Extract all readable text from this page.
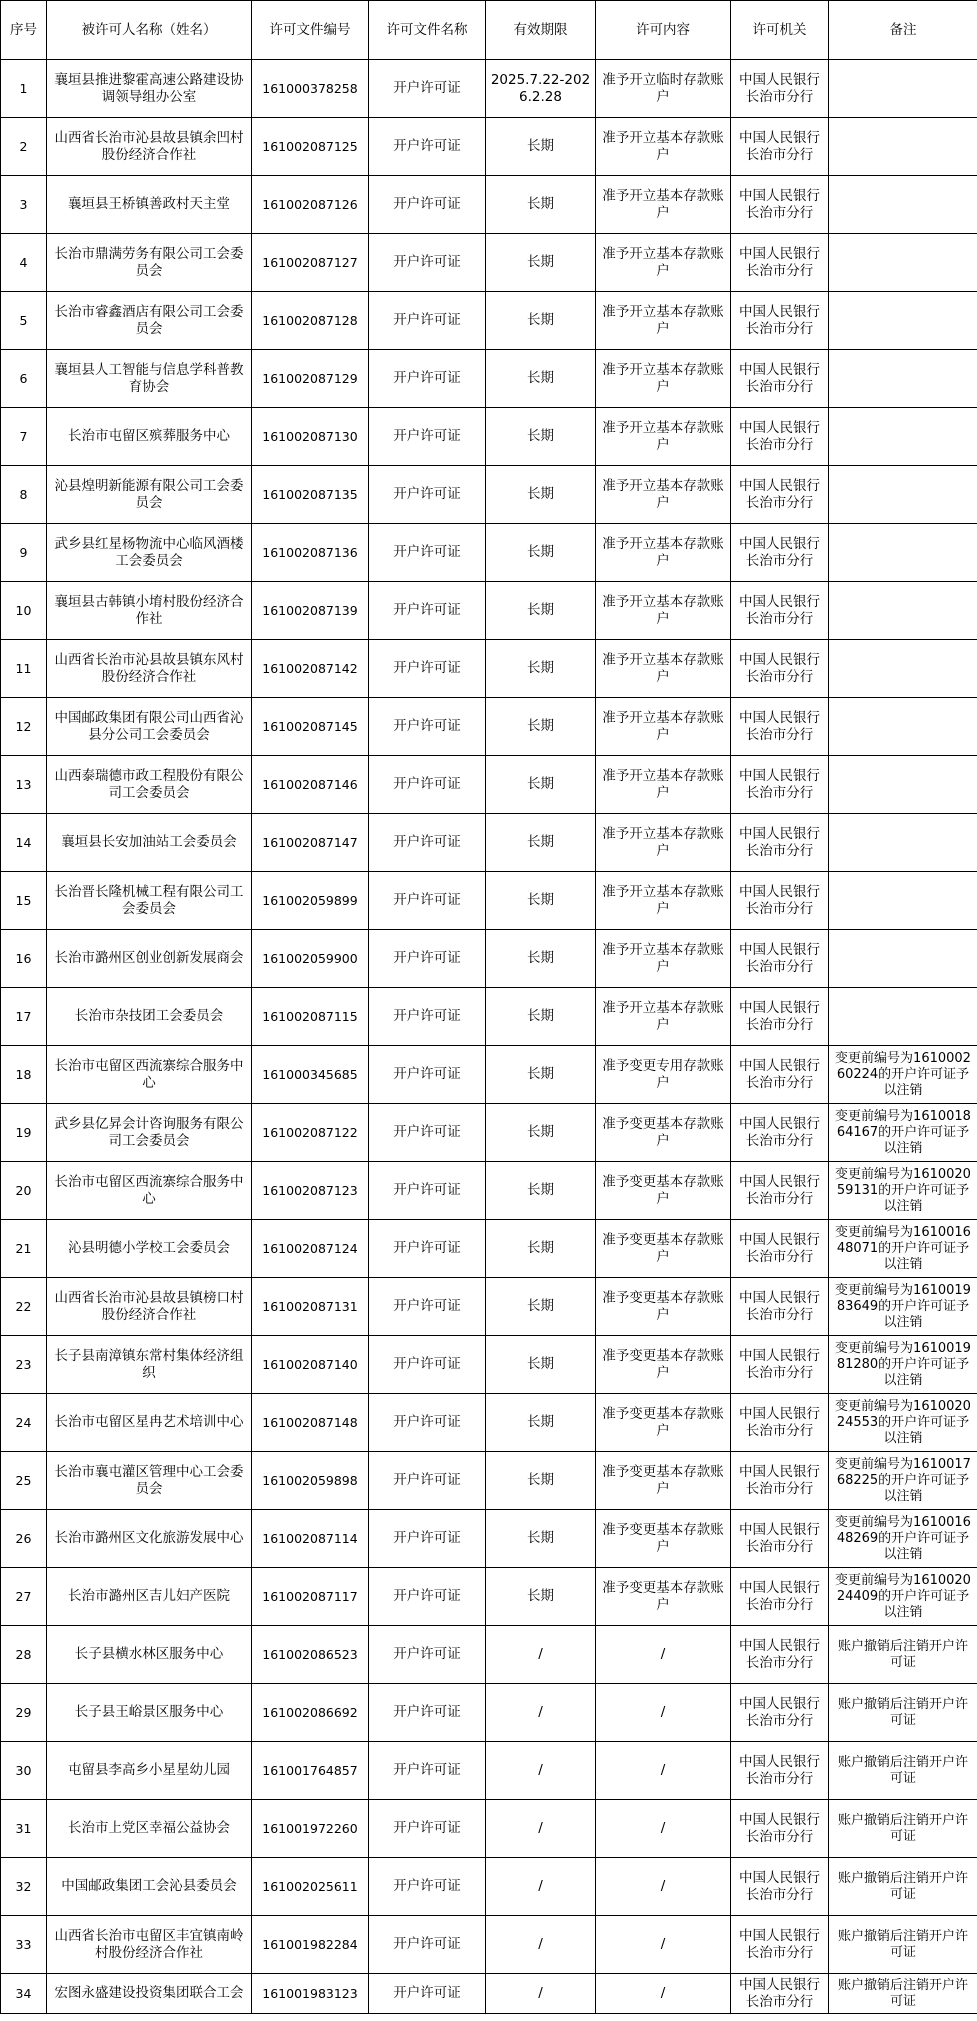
序号	被许可人名称（姓名）	许可文件编号	许可文件名称	有效期限	许可内容	许可机关	备注
1	襄垣县推进黎霍高速公路建设协调领导组办公室	161000378258	开户许可证	2025.7.22-2026.2.28	准予开立临时存款账户	中国人民银行长治市分行	
2	山西省长治市沁县故县镇余凹村股份经济合作社	161002087125	开户许可证	长期	准予开立基本存款账户	中国人民银行长治市分行	
3	襄垣县王桥镇善政村天主堂	161002087126	开户许可证	长期	准予开立基本存款账户	中国人民银行长治市分行	
4	长治市鼎满劳务有限公司工会委员会	161002087127	开户许可证	长期	准予开立基本存款账户	中国人民银行长治市分行	
5	长治市睿鑫酒店有限公司工会委员会	161002087128	开户许可证	长期	准予开立基本存款账户	中国人民银行长治市分行	
6	襄垣县人工智能与信息学科普教育协会	161002087129	开户许可证	长期	准予开立基本存款账户	中国人民银行长治市分行	
7	长治市屯留区殡葬服务中心	161002087130	开户许可证	长期	准予开立基本存款账户	中国人民银行长治市分行	
8	沁县煌明新能源有限公司工会委员会	161002087135	开户许可证	长期	准予开立基本存款账户	中国人民银行长治市分行	
9	武乡县红星杨物流中心临风酒楼工会委员会	161002087136	开户许可证	长期	准予开立基本存款账户	中国人民银行长治市分行	
10	襄垣县古韩镇小堉村股份经济合作社	161002087139	开户许可证	长期	准予开立基本存款账户	中国人民银行长治市分行	
11	山西省长治市沁县故县镇东风村股份经济合作社	161002087142	开户许可证	长期	准予开立基本存款账户	中国人民银行长治市分行	
12	中国邮政集团有限公司山西省沁县分公司工会委员会	161002087145	开户许可证	长期	准予开立基本存款账户	中国人民银行长治市分行	
13	山西泰瑞德市政工程股份有限公司工会委员会	161002087146	开户许可证	长期	准予开立基本存款账户	中国人民银行长治市分行	
14	襄垣县长安加油站工会委员会	161002087147	开户许可证	长期	准予开立基本存款账户	中国人民银行长治市分行	
15	长治晋长隆机械工程有限公司工会委员会	161002059899	开户许可证	长期	准予开立基本存款账户	中国人民银行长治市分行	
16	长治市潞州区创业创新发展商会	161002059900	开户许可证	长期	准予开立基本存款账户	中国人民银行长治市分行	
17	长治市杂技团工会委员会	161002087115	开户许可证	长期	准予开立基本存款账户	中国人民银行长治市分行	
18	长治市屯留区西流寨综合服务中心	161000345685	开户许可证	长期	准予变更专用存款账户	中国人民银行长治市分行	变更前编号为161000260224的开户许可证予以注销
19	武乡县亿昇会计咨询服务有限公司工会委员会	161002087122	开户许可证	长期	准予变更基本存款账户	中国人民银行长治市分行	变更前编号为161001864167的开户许可证予以注销
20	长治市屯留区西流寨综合服务中心	161002087123	开户许可证	长期	准予变更基本存款账户	中国人民银行长治市分行	变更前编号为161002059131的开户许可证予以注销
21	沁县明德小学校工会委员会	161002087124	开户许可证	长期	准予变更基本存款账户	中国人民银行长治市分行	变更前编号为161001648071的开户许可证予以注销
22	山西省长治市沁县故县镇榜口村股份经济合作社	161002087131	开户许可证	长期	准予变更基本存款账户	中国人民银行长治市分行	变更前编号为161001983649的开户许可证予以注销
23	长子县南漳镇东常村集体经济组织	161002087140	开户许可证	长期	准予变更基本存款账户	中国人民银行长治市分行	变更前编号为161001981280的开户许可证予以注销
24	长治市屯留区星冉艺术培训中心	161002087148	开户许可证	长期	准予变更基本存款账户	中国人民银行长治市分行	变更前编号为161002024553的开户许可证予以注销
25	长治市襄屯灌区管理中心工会委员会	161002059898	开户许可证	长期	准予变更基本存款账户	中国人民银行长治市分行	变更前编号为161001768225的开户许可证予以注销
26	长治市潞州区文化旅游发展中心	161002087114	开户许可证	长期	准予变更基本存款账户	中国人民银行长治市分行	变更前编号为161001648269的开户许可证予以注销
27	长治市潞州区吉儿妇产医院	161002087117	开户许可证	长期	准予变更基本存款账户	中国人民银行长治市分行	变更前编号为161002024409的开户许可证予以注销
28	长子县横水林区服务中心	161002086523	开户许可证	/	/	中国人民银行长治市分行	账户撤销后注销开户许可证
29	长子县王峪景区服务中心	161002086692	开户许可证	/	/	中国人民银行长治市分行	账户撤销后注销开户许可证
30	屯留县李高乡小星星幼儿园	161001764857	开户许可证	/	/	中国人民银行长治市分行	账户撤销后注销开户许可证
31	长治市上党区幸福公益协会	161001972260	开户许可证	/	/	中国人民银行长治市分行	账户撤销后注销开户许可证
32	中国邮政集团工会沁县委员会	161002025611	开户许可证	/	/	中国人民银行长治市分行	账户撤销后注销开户许可证
33	山西省长治市屯留区丰宜镇南岭村股份经济合作社	161001982284	开户许可证	/	/	中国人民银行长治市分行	账户撤销后注销开户许可证
34	宏图永盛建设投资集团联合工会	161001983123	开户许可证	/	/	中国人民银行长治市分行	账户撤销后注销开户许可证
